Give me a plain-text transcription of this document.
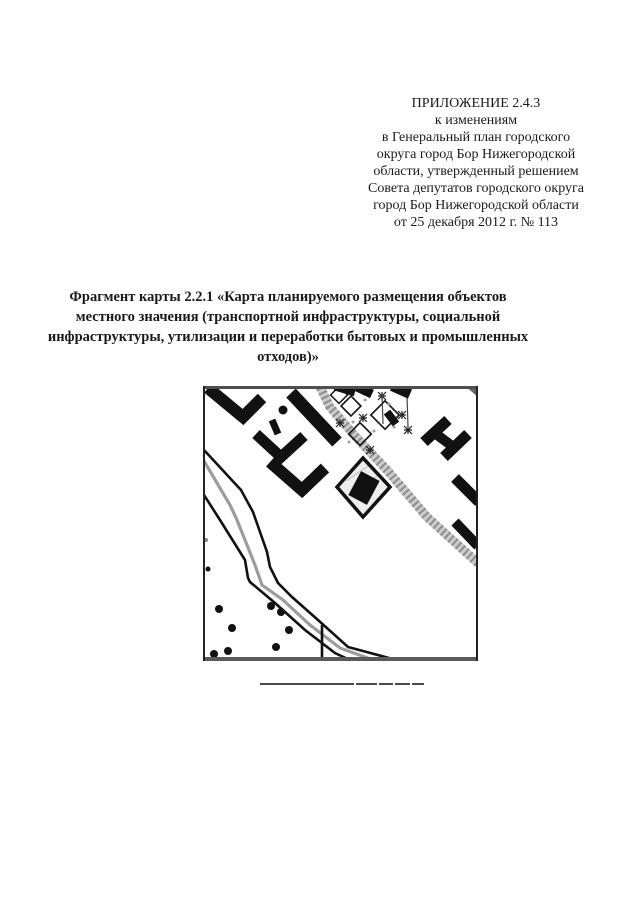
ПРИЛОЖЕНИЕ 2.4.3
к изменениям
в Генеральный план городского
округа город Бор Нижегородской
области, утвержденный решением
Совета депутатов городского округа
город Бор Нижегородской области
от 25 декабря 2012 г. № 113
Фрагмент карты 2.2.1 «Карта планируемого размещения объектов
местного значения (транспортной инфраструктуры, социальной
инфраструктуры, утилизации и переработки бытовых и промышленных
отходов)»
